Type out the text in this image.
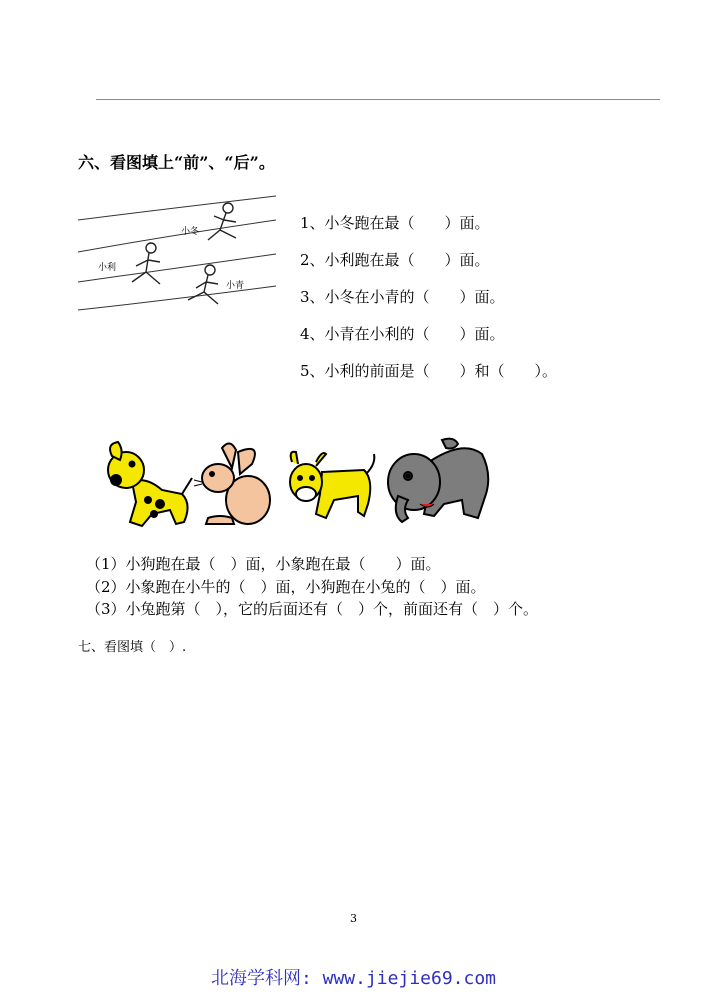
六、看图填上“前”、“后”。
小冬
小利
小青
1、小冬跑在最（　　）面。
2、小利跑在最（　　）面。
3、小冬在小青的（　　）面。
4、小青在小利的（　　）面。
5、小利的前面是（　　）和（　　）。
（1）小狗跑在最（　）面，小象跑在最（　　）面。
（2）小象跑在小牛的（　）面，小狗跑在小兔的（　）面。
（3）小兔跑第（　），它的后面还有（　）个，前面还有（　）个。
七、看图填（　）.
3
北海学科网: www.jiejie69.com
